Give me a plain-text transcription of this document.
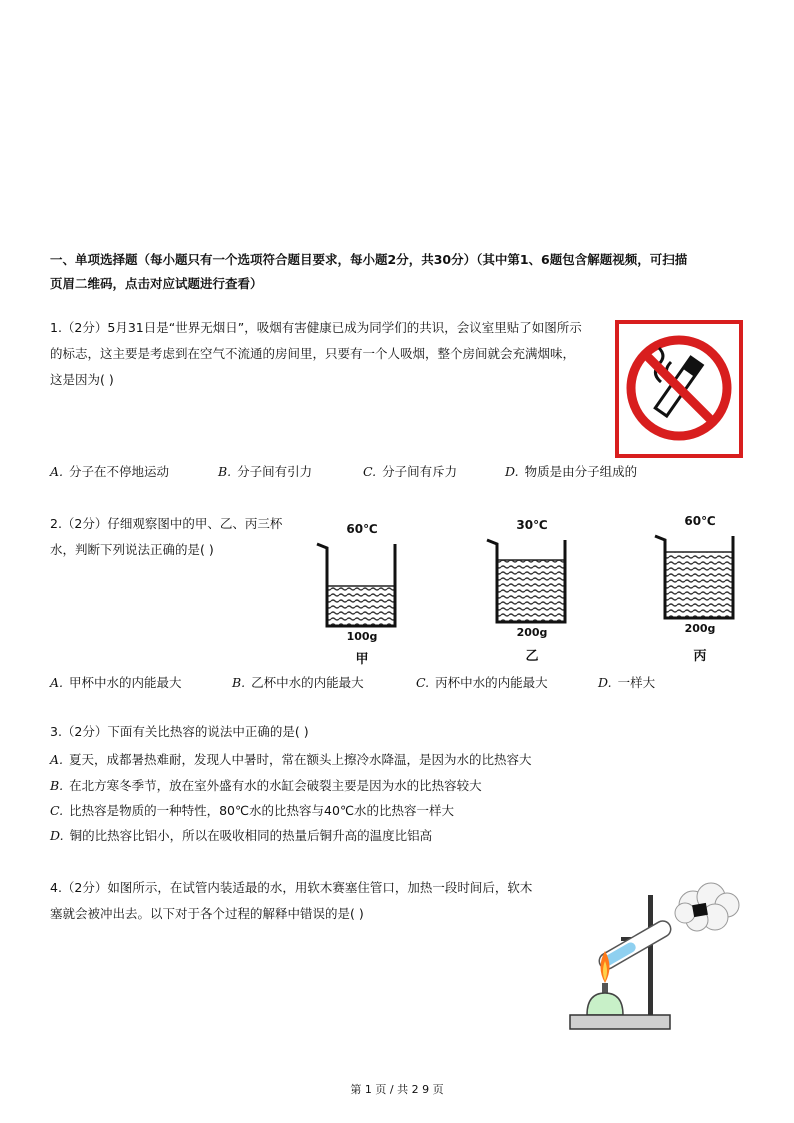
一、单项选择题（每小题只有一个选项符合题目要求，每小题2分，共30分）（其中第1、6题包含解题视频，可扫描
页眉二维码，点击对应试题进行查看）
1.（2分）5月31日是“世界无烟日”，吸烟有害健康已成为同学们的共识，会议室里贴了如图所示
的标志，这主要是考虑到在空气不流通的房间里，只要有一个人吸烟，整个房间就会充满烟味，
这是因为( )
A. 分子在不停地运动	B. 分子间有引力	C. 分子间有斥力	D. 物质是由分子组成的
2.（2分）仔细观察图中的甲、乙、丙三杯
水，判断下列说法正确的是( )
60℃
100g
甲
30℃
200g
乙
60℃
200g
丙
A. 甲杯中水的内能最大	B. 乙杯中水的内能最大	C. 丙杯中水的内能最大	D. 一样大
3.（2分）下面有关比热容的说法中正确的是( )
A. 夏天，成都暑热难耐，发现人中暑时，常在额头上擦冷水降温，是因为水的比热容大
B. 在北方寒冬季节，放在室外盛有水的水缸会破裂主要是因为水的比热容较大
C. 比热容是物质的一种特性，80℃水的比热容与40℃水的比热容一样大
D. 铜的比热容比铝小，所以在吸收相同的热量后铜升高的温度比铝高
4.（2分）如图所示，在试管内装适最的水，用软木赛塞住管口，加热一段时间后，软木
塞就会被冲出去。以下对于各个过程的解释中错误的是( )
第 1 页 / 共 2 9 页
